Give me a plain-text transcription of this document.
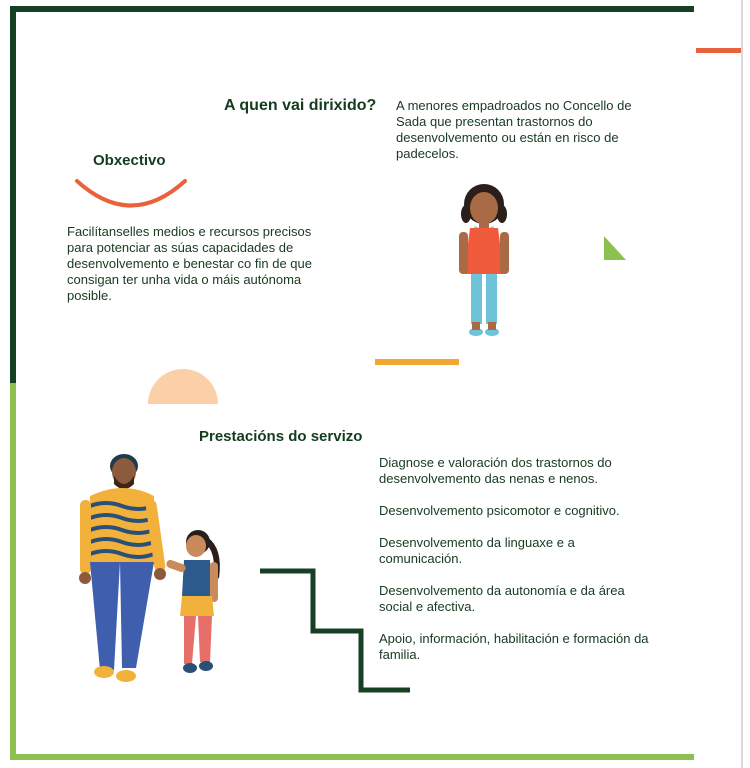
A quen vai dirixido? A menores empadroados no Concello de Sada que presentan trastornos do desenvolvemento ou están en risco de padecelos.
Obxectivo
Facilítanselles medios e recursos precisos para potenciar as súas capacidades de desenvolvemento e benestar co fin de que consigan ter unha vida o máis autónoma posible.
Prestacións do servizo
Diagnose e valoración dos trastornos do desenvolvemento das nenas e nenos.
Desenvolvemento psicomotor e cognitivo.
Desenvolvemento da linguaxe e a comunicación.
Desenvolvemento da autonomía e da área social e afectiva.
Apoio, información, habilitación e formación da familia.
